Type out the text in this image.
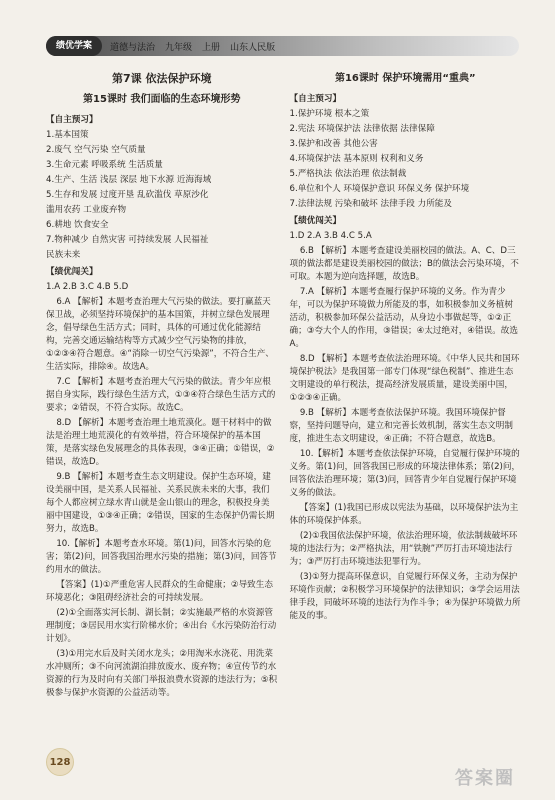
绩优学案	道德与法治 九年级 上册 山东人民版
第7课 依法保护环境
第15课时 我们面临的生态环境形势
【自主预习】

1.基本国策

2.废气 空气污染 空气质量

3.生命元素 呼吸系统 生活质量

4.生产、生活 浅层 深层 地下水源 近海海域

5.生存和发展 过度开垦 乱砍滥伐 草原沙化

滥用农药 工业废弃物

6.耕地 饮食安全

7.物种减少 自然灾害 可持续发展 人民福祉

民族未来

【绩优闯关】

1.A 2.B 3.C 4.B 5.D

6.A 【解析】本题考查治理大气污染的做法。要打赢蓝天保卫战，必须坚持环境保护的基本国策，并树立绿色发展理念，倡导绿色生活方式；同时，具体的可通过优化能源结构，完善交通运输结构等方式减少空气污染物的排放，①②③④符合题意。④“消除一切空气污染源”，不符合生产、生活实际，排除④。故选A。

7.C 【解析】本题考查治理大气污染的做法。青少年应根据自身实际，践行绿色生活方式，①③④符合绿色生活方式的要求；②错误，不符合实际。故选C。

8.D 【解析】本题考查治理土地荒漠化。题干材料中的做法是治理土地荒漠化的有效举措，符合环境保护的基本国策，是落实绿色发展理念的具体表现，③④正确；①错误，②错误，故选D。

9.B 【解析】本题考查生态文明建设。保护生态环境，建设美丽中国，是关系人民福祉、关系民族未来的大事，我们每个人都应树立绿水青山就是金山银山的理念，积极投身美丽中国建设，①③④正确；②错误，国家的生态保护仍需长期努力，故选B。

10.【解析】本题考查水环境。第(1)问，回答水污染的危害；第(2)问，回答我国治理水污染的措施；第(3)问，回答节约用水的做法。

【答案】(1)①严重危害人民群众的生命健康；②导致生态环境恶化；③阻碍经济社会的可持续发展。

(2)①全面落实河长制、湖长制；②实施最严格的水资源管理制度；③居民用水实行阶梯水价；④出台《水污染防治行动计划》。

(3)①用完水后及时关闭水龙头；②用淘米水浇花、用洗菜水冲厕所；③不向河流湖泊排放废水、废弃物；④宣传节约水资源的行为及时向有关部门举报浪费水资源的违法行为；⑤积极参与保护水资源的公益活动等。

第16课时 保护环境需用“重典”
【自主预习】

1.保护环境 根本之策

2.宪法 环境保护法 法律依据 法律保障

3.保护和改善 其他公害

4.环境保护法 基本原则 权利和义务

5.严格执法 依法治理 依法制裁

6.单位和个人 环境保护意识 环保义务 保护环境

7.法律法规 污染和破坏 法律手段 力所能及

【绩优闯关】

1.D 2.A 3.B 4.C 5.A

6.B 【解析】本题考查建设美丽校园的做法。A、C、D三项的做法都是建设美丽校园的做法；B的做法会污染环境，不可取。本题为逆向选择题，故选B。

7.A 【解析】本题考查履行保护环境的义务。作为青少年，可以为保护环境做力所能及的事，如积极参加义务植树活动，积极参加环保公益活动，从身边小事做起等，①②正确；③夸大个人的作用，③错误；④太过绝对，④错误。故选A。

8.D 【解析】本题考查依法治理环境。《中华人民共和国环境保护税法》是我国第一部专门体现“绿色税制”、推进生态文明建设的单行税法，提高经济发展质量，建设美丽中国，①②③④正确。

9.B 【解析】本题考查依法保护环境。我国环境保护督察，坚持问题导向，建立和完善长效机制，落实生态文明制度，推进生态文明建设，④正确；不符合题意，故选B。

10.【解析】本题考查依法保护环境，自觉履行保护环境的义务。第(1)问，回答我国已形成的环境法律体系；第(2)问，回答依法治理环境；第(3)问，回答青少年自觉履行保护环境义务的做法。

【答案】(1)我国已形成以宪法为基础，以环境保护法为主体的环境保护体系。

(2)①我国依法保护环境，依法治理环境，依法制裁破坏环境的违法行为；②严格执法，用“铁腕”严厉打击环境违法行为；③严厉打击环境违法犯罪行为。

(3)①努力提高环保意识，自觉履行环保义务，主动为保护环境作贡献；②积极学习环境保护的法律知识；③学会运用法律手段，同破坏环境的违法行为作斗争；④为保护环境做力所能及的事。

128
答案圈
